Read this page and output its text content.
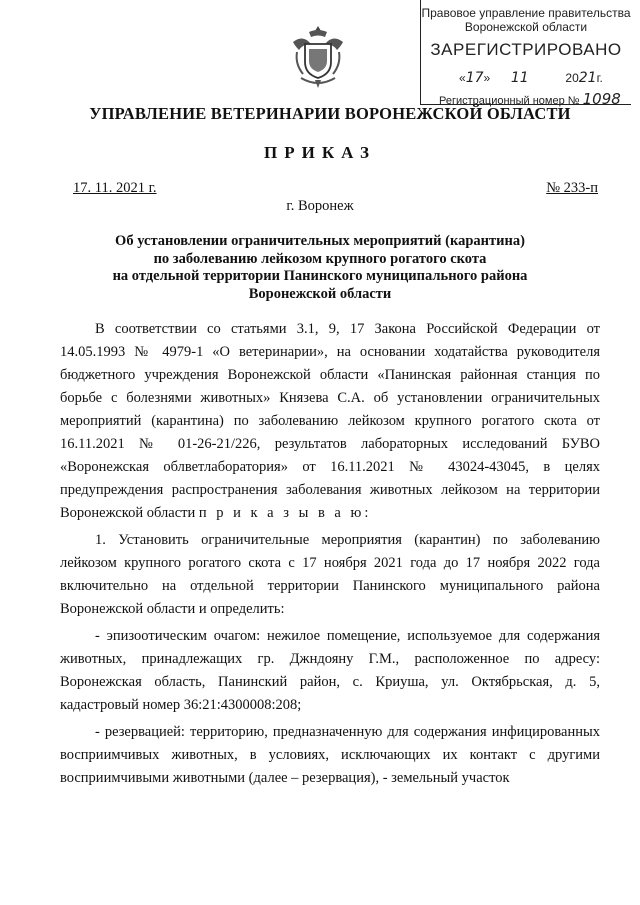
Правовое управление правительства
Воронежской области
ЗАРЕГИСТРИРОВАНО
«17»  11	2021г.
Регистрационный номер № 1098
УПРАВЛЕНИЕ ВЕТЕРИНАРИИ ВОРОНЕЖСКОЙ ОБЛАСТИ
ПРИКАЗ
17. 11. 2021 г.	№ 233-п
г. Воронеж
Об установлении ограничительных мероприятий (карантина)
по заболеванию лейкозом крупного рогатого скота
на отдельной территории Панинского муниципального района
Воронежской области

В соответствии со статьями 3.1, 9, 17 Закона Российской Федерации от 14.05.1993 № 4979-1 «О ветеринарии», на основании ходатайства руководителя бюджетного учреждения Воронежской области «Панинская районная станция по борьбе с болезнями животных» Князева С.А. об установлении ограничительных мероприятий (карантина) по заболеванию лейкозом крупного рогатого скота от 16.11.2021 № 01-26-21/226, результатов лабораторных исследований БУВО «Воронежская облветлаборатория» от 16.11.2021 № 43024-43045, в целях предупреждения распространения заболевания животных лейкозом на территории Воронежской области п р и к а з ы в а ю:

1. Установить ограничительные мероприятия (карантин) по заболеванию лейкозом крупного рогатого скота с 17 ноября 2021 года до 17 ноября 2022 года включительно на отдельной территории Панинского муниципального района Воронежской области и определить:

- эпизоотическим очагом: нежилое помещение, используемое для содержания животных, принадлежащих гр. Джндояну Г.М., расположенное по адресу: Воронежская область, Панинский район, с. Криуша, ул. Октябрьская, д. 5, кадастровый номер 36:21:4300008:208;

- резервацией: территорию, предназначенную для содержания инфицированных восприимчивых животных, в условиях, исключающих их контакт с другими восприимчивыми животными (далее – резервация), - земельный участок
